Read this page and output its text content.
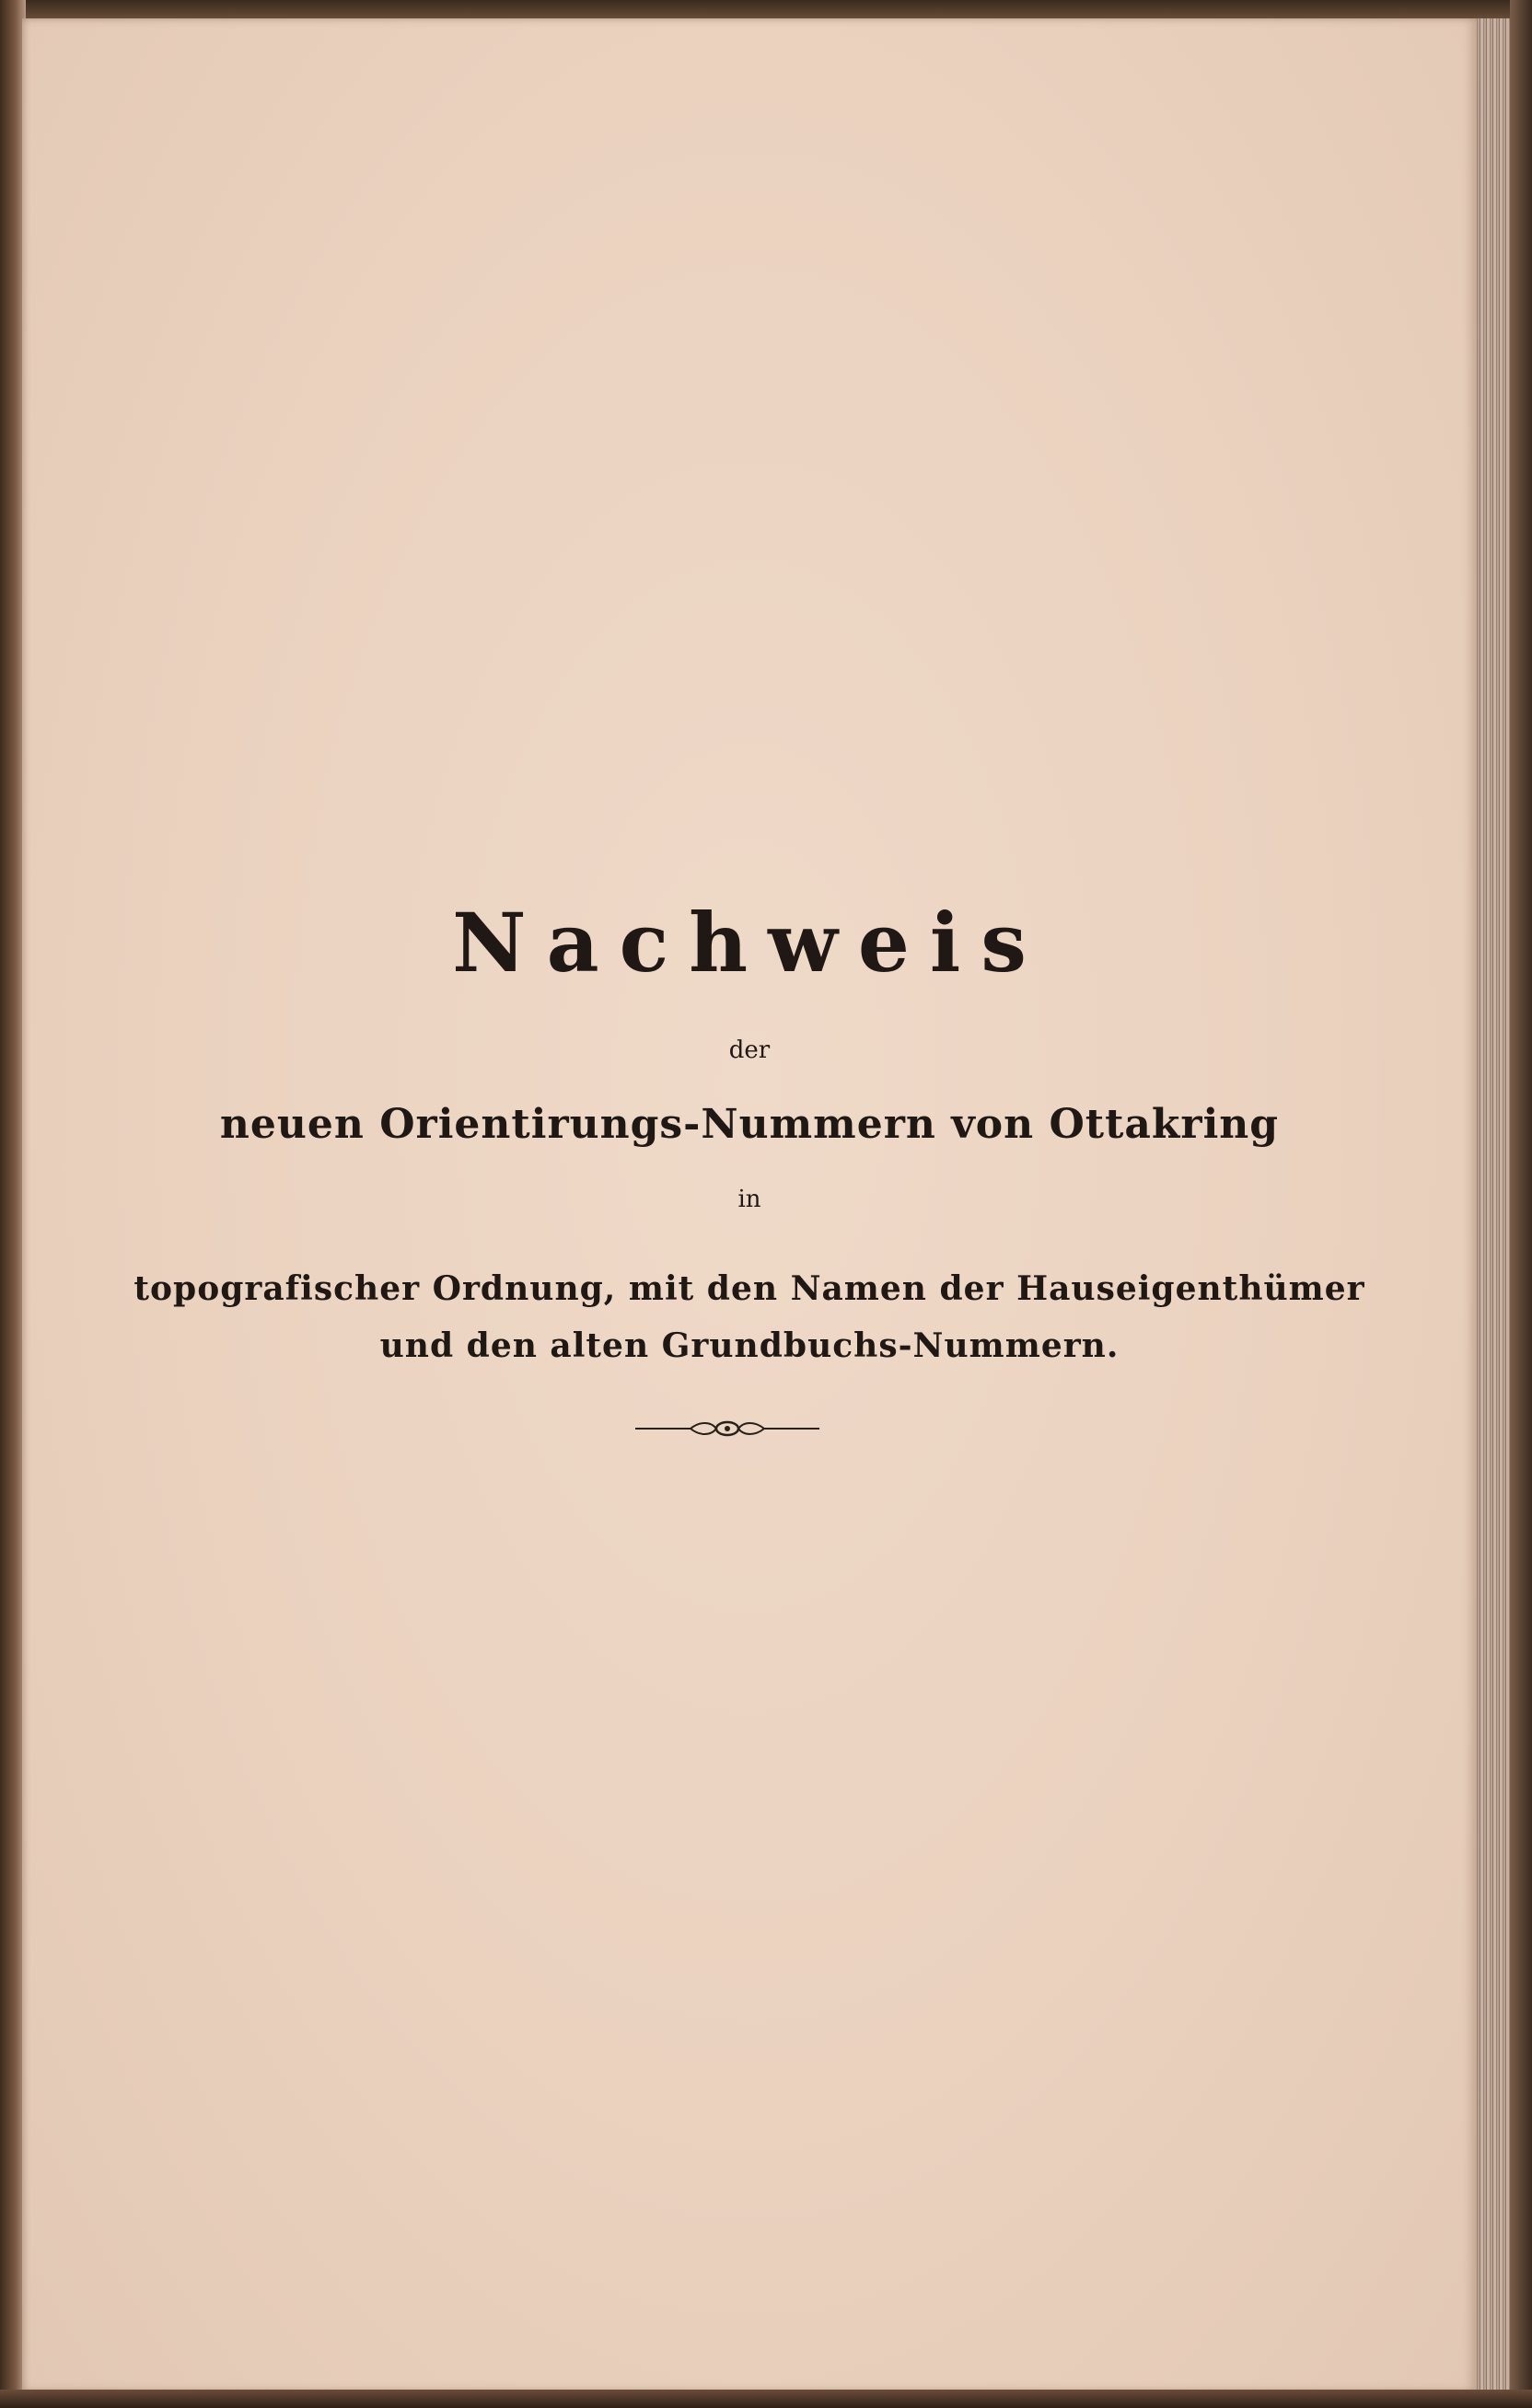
Nachweis
der
neuen Orientirungs-Nummern von Ottakring
in
topografischer Ordnung, mit den Namen der Hauseigenthümer
und den alten Grundbuchs-Nummern.
